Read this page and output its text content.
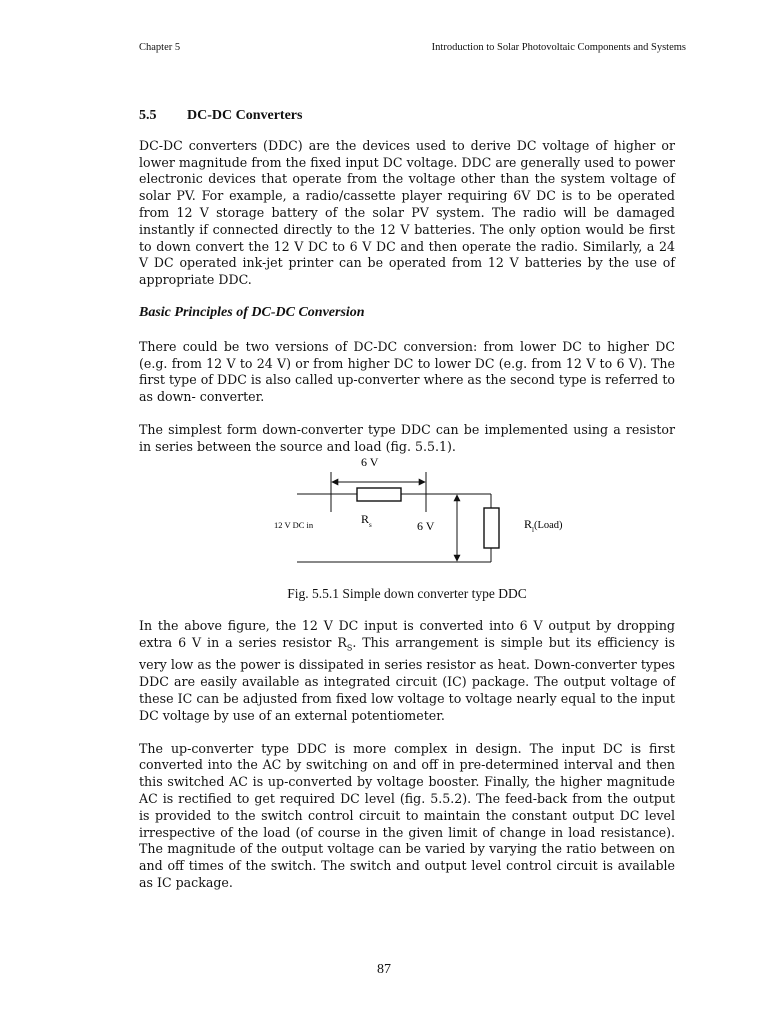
Chapter 5	Introduction to Solar Photovoltaic Components and Systems
5.5 DC-DC Converters

DC-DC converters (DDC) are the devices used to derive DC voltage of higher or lower magnitude from the fixed input DC voltage. DDC are generally used to power electronic devices that operate from the voltage other than the system voltage of solar PV. For example, a radio/cassette player requiring 6V DC is to be operated from 12 V storage battery of the solar PV system. The radio will be damaged instantly if connected directly to the 12 V batteries. The only option would be first to down convert the 12 V DC to 6 V DC and then operate the radio. Similarly, a 24 V DC operated ink-jet printer can be operated from 12 V batteries by the use of appropriate DDC.

Basic Principles of DC-DC Conversion

There could be two versions of DC-DC conversion: from lower DC to higher DC (e.g. from 12 V to 24 V) or from higher DC to lower DC (e.g. from 12 V to 6 V). The first type of DDC is also called up-converter where as the second type is referred to as down- converter.

The simplest form down-converter type DDC can be implemented using a resistor in series between the source and load (fig. 5.5.1).

6 V
12 V DC in	$R_s$	6 V	$R_l(Load)$
Fig. 5.5.1 Simple down converter type DDC

In the above figure, the 12 V DC input is converted into 6 V output by dropping extra 6 V in a series resistor $R_S$. This arrangement is simple but its efficiency is very low as the power is dissipated in series resistor as heat. Down-converter types DDC are easily available as integrated circuit (IC) package. The output voltage of these IC can be adjusted from fixed low voltage to voltage nearly equal to the input DC voltage by use of an external potentiometer.

The up-converter type DDC is more complex in design. The input DC is first converted into the AC by switching on and off in pre-determined interval and then this switched AC is up-converted by voltage booster. Finally, the higher magnitude AC is rectified to get required DC level (fig. 5.5.2). The feed-back from the output is provided to the switch control circuit to maintain the constant output DC level irrespective of the load (of course in the given limit of change in load resistance). The magnitude of the output voltage can be varied by varying the ratio between on and off times of the switch. The switch and output level control circuit is available as IC package.

87
